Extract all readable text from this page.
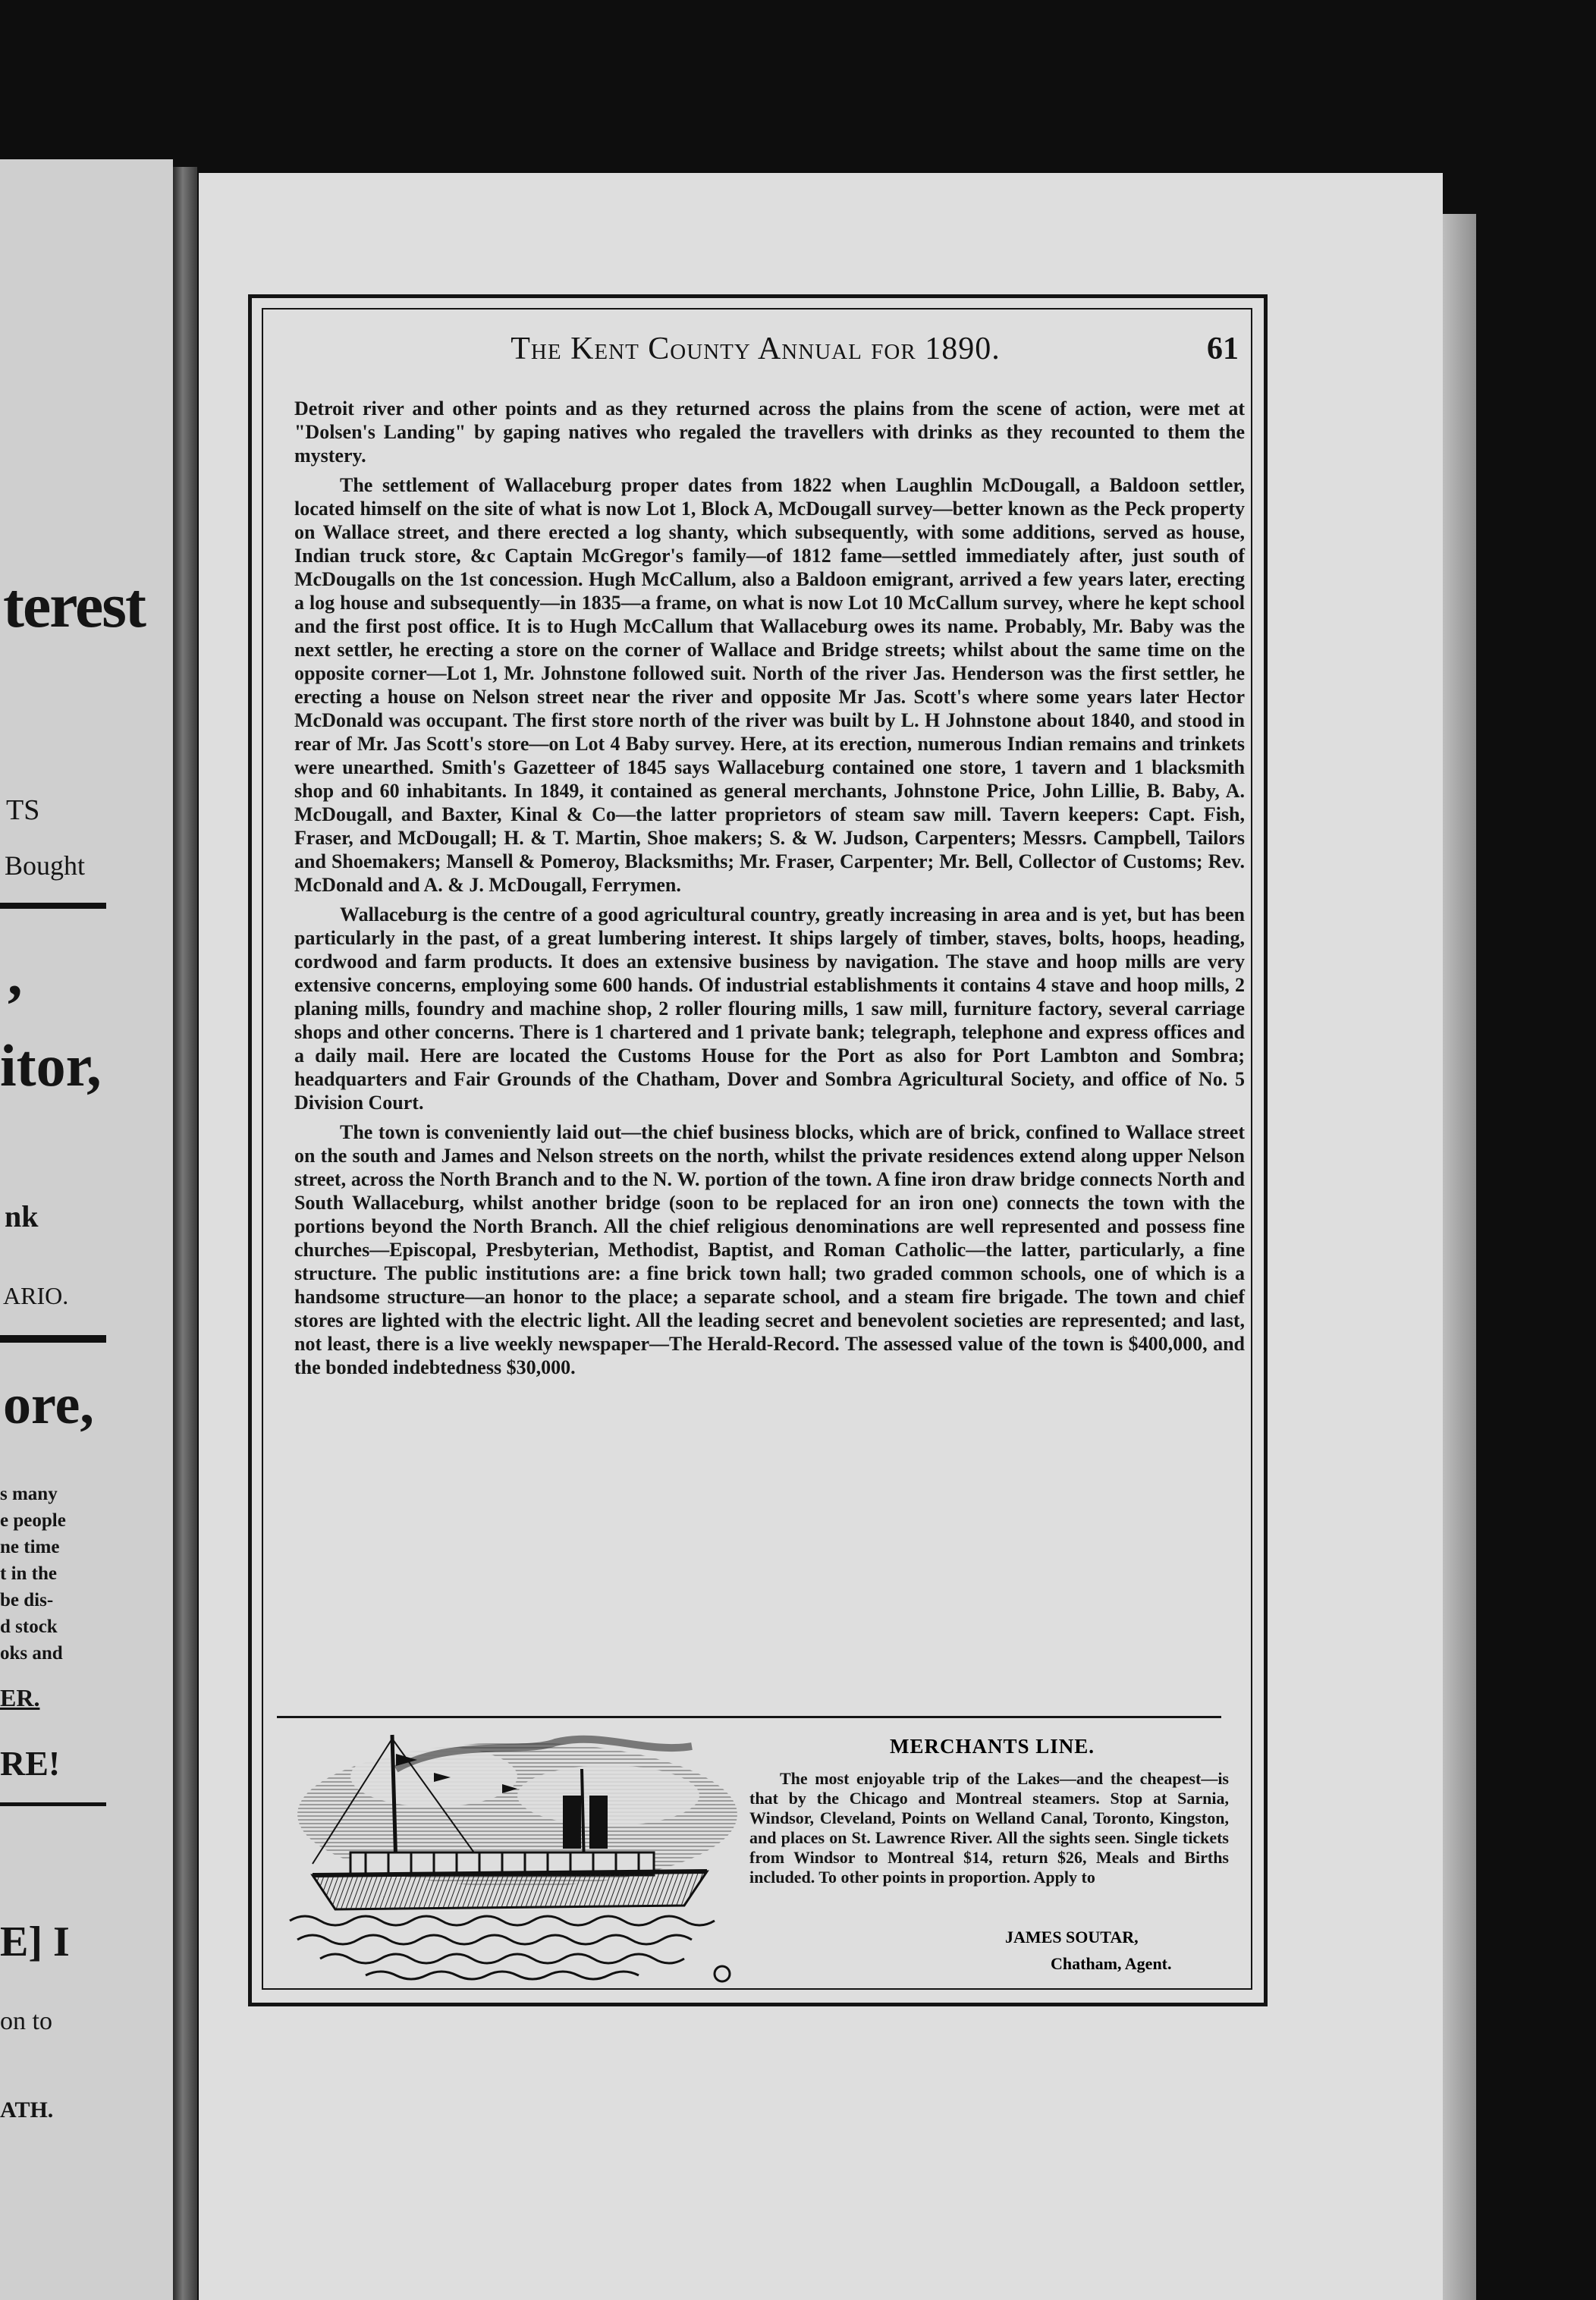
terest
TS
Bought
,
itor,
nk
ARIO.
ore,
s many
e people
ne time
t in the
be dis-
d stock
oks and
ER.
RE!
E] I
on to
ATH.
The Kent County Annual for 1890.	61

Detroit river and other points and as they returned across the plains from the scene of action, were met at "Dolsen's Landing" by gaping natives who regaled the travellers with drinks as they recounted to them the mystery.

The settlement of Wallaceburg proper dates from 1822 when Laughlin McDougall, a Baldoon settler, located himself on the site of what is now Lot 1, Block A, McDougall survey—better known as the Peck property on Wallace street, and there erected a log shanty, which subsequently, with some additions, served as house, Indian truck store, &c Captain McGregor's family—of 1812 fame—settled immediately after, just south of McDougalls on the 1st concession. Hugh McCallum, also a Baldoon emigrant, arrived a few years later, erecting a log house and subsequently—in 1835—a frame, on what is now Lot 10 McCallum survey, where he kept school and the first post office. It is to Hugh McCallum that Wallaceburg owes its name. Probably, Mr. Baby was the next settler, he erecting a store on the corner of Wallace and Bridge streets; whilst about the same time on the opposite corner—Lot 1, Mr. Johnstone followed suit. North of the river Jas. Henderson was the first settler, he erecting a house on Nelson street near the river and opposite Mr Jas. Scott's where some years later Hector McDonald was occupant. The first store north of the river was built by L. H Johnstone about 1840, and stood in rear of Mr. Jas Scott's store—on Lot 4 Baby survey. Here, at its erection, numerous Indian remains and trinkets were unearthed. Smith's Gazetteer of 1845 says Wallaceburg contained one store, 1 tavern and 1 blacksmith shop and 60 inhabitants. In 1849, it contained as general merchants, Johnstone Price, John Lillie, B. Baby, A. McDougall, and Baxter, Kinal & Co—the latter proprietors of steam saw mill. Tavern keepers: Capt. Fish, Fraser, and McDougall; H. & T. Martin, Shoe makers; S. & W. Judson, Carpenters; Messrs. Campbell, Tailors and Shoemakers; Mansell & Pomeroy, Blacksmiths; Mr. Fraser, Carpenter; Mr. Bell, Collector of Customs; Rev. McDonald and A. & J. McDougall, Ferrymen.

Wallaceburg is the centre of a good agricultural country, greatly increasing in area and is yet, but has been particularly in the past, of a great lumbering interest. It ships largely of timber, staves, bolts, hoops, heading, cordwood and farm products. It does an extensive business by navigation. The stave and hoop mills are very extensive concerns, employing some 600 hands. Of industrial establishments it contains 4 stave and hoop mills, 2 planing mills, foundry and machine shop, 2 roller flouring mills, 1 saw mill, furniture factory, several carriage shops and other concerns. There is 1 chartered and 1 private bank; telegraph, telephone and express offices and a daily mail. Here are located the Customs House for the Port as also for Port Lambton and Sombra; headquarters and Fair Grounds of the Chatham, Dover and Sombra Agricultural Society, and office of No. 5 Division Court.

The town is conveniently laid out—the chief business blocks, which are of brick, confined to Wallace street on the south and James and Nelson streets on the north, whilst the private residences extend along upper Nelson street, across the North Branch and to the N. W. portion of the town. A fine iron draw bridge connects North and South Wallaceburg, whilst another bridge (soon to be replaced for an iron one) connects the town with the portions beyond the North Branch. All the chief religious denominations are well represented and possess fine churches—Episcopal, Presbyterian, Methodist, Baptist, and Roman Catholic—the latter, particularly, a fine structure. The public institutions are: a fine brick town hall; two graded common schools, one of which is a handsome structure—an honor to the place; a separate school, and a steam fire brigade. The town and chief stores are lighted with the electric light. All the leading secret and benevolent societies are represented; and last, not least, there is a live weekly newspaper—The Herald-Record. The assessed value of the town is $400,000, and the bonded indebtedness $30,000.

MERCHANTS LINE.
The most enjoyable trip of the Lakes—and the cheapest—is that by the Chicago and Montreal steamers. Stop at Sarnia, Windsor, Cleveland, Points on Welland Canal, Toronto, Kingston, and places on St. Lawrence River. All the sights seen. Single tickets from Windsor to Montreal $14, return $26, Meals and Births included. To other points in proportion. Apply to
JAMES SOUTAR,
Chatham, Agent.
